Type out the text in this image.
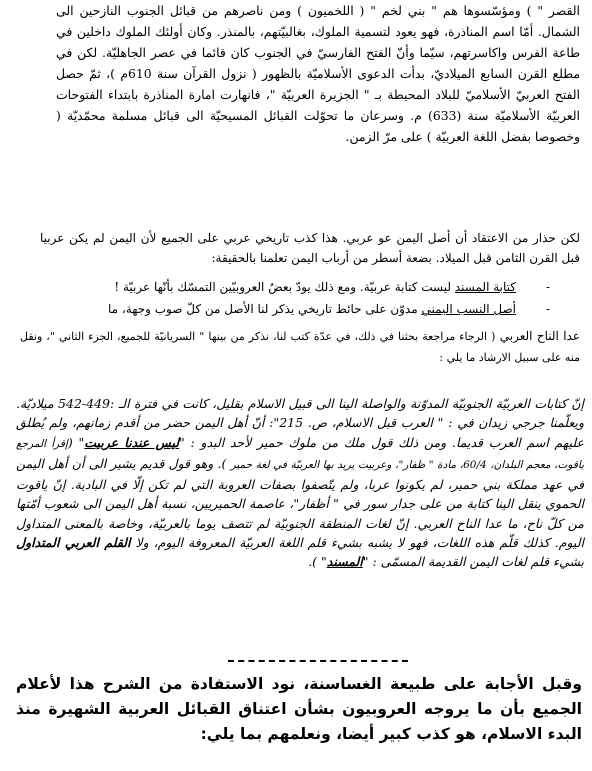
القصر " ) ومؤسّسوها هم " بني لخم " ( اللخميون ) ومن ناصرهم من قبائل الجنوب النازحين الى الشمال. أمّا اسم المناذرة، فهو يعود لتسمية الملوك، بغالبيّتهم، بالمنذر. وكان أولئك الملوك داخلين في طاعة الفرس واكاسرتهم، سيّما وأنّ الفتح الفارسيّ في الجنوب كان قائما في عصر الجاهليّة. لكن في مطلع القرن السابع الميلاديّ، بدأت الدعوى الأسلاميّة بالظهور ( نزول القرآن سنة 610م )، ثمّ حصل الفتح العربيّ الأسلاميّ للبلاد المحيطة بـ " الجزيرة العربيّة "، فانهارت امارة المناذرة بابتداء الفتوحات العربيّة الأسلاميّة سنة (633) م. وسرعان ما تحوّلت القبائل المسيحيّة الى قبائل مسلمة محمّديّة ( وخصوصا بفضل اللغة العربيّة ) على مرّ الزمن.
لكن حذار من الاعتقاد أن أصل اليمن عو عربي. هذا كذب تاريخي عربي على الجميع لأن اليمن لم يكن عربيا قبل القرن الثامن قبل الميلاد. بضعة أسطر من أرباب اليمن تعلمنا بالحقيقة:
-
كتابة المسند ليست كتابة عربيّة. ومع ذلك يودّ بعضُ العروبيّين التمسّك بأنّها عربيّة !
-
أصل النسب اليمني مدوّن على حائط تاريخي يذكر لنا الأصل من كلّ صوب وجهة، ما
عدا الناح العربي ( الرجاء مراجعة بحثنا في ذلك، في عدّة كتب لنا، نذكر من بينها " السريانيّة للجميع، الجزء الثاني "، ونقل منه على سبيل الارشاد ما يلي :
إنّ كتابات العربيّة الجنوبيّة المدوّنة والواصلة الينا الى قبيل الاسلام بقليل، كانت في فترة الـ :449-542 ميلاديّة. ويعلّمنا جرجي زيدان في : " العرب قبل الاسلام، ص. 215": أنّ أهل اليمن حضر من أقدم زمانهم، ولم يُطلق عليهم اسم العرب قديما. ومن ذلك قول ملك من ملوك حمير لأحد البدو : "ليس عندنا عربيت" (إقرأ المرجع ياقوت، معجم البلدان، 60/4، مادة " ظفار"، وعربيت يريد بها العربيّة في لغة حمير ). وهو قول قديم يشير الى أن أهل اليمن في عهد مملكة بني حمير، لم يكونوا عربا، ولم يتّصفوا بصفات العروبة التي لم تكن إلّا في البادية. إنّ ياقوت الحموي ينقل الينا كتابة من على جدار سور في " أظفار"، عاصمة الحميريين، نسبة أهل اليمن الى شعوب أمّتها من كلّ ناح، ما عدا الناح العربي. إنّ لغات المنطقة الجنوبيّة لم تتصف يوما بالعربيّة، وخاصة بالمعنى المتداول اليوم. كذلك قلّم هذه اللغات، فهو لا يشبه بشيء قلم اللغة العربيّة المعروفة اليوم، ولا القلم العربي المتداول بشيء قلم لغات اليمن القديمة المسمّى : "المسند" ).
وقبل الأجابة على طبيعة الغساسنة، نود الاستفادة من الشرح هذا لأعلام الجميع بأن ما يروجه العروبيون بشأن اعتناق القبائل العربية الشهيرة منذ البدء الاسلام، هو كذب كبير أيضا، ونعلمهم بما يلي:
